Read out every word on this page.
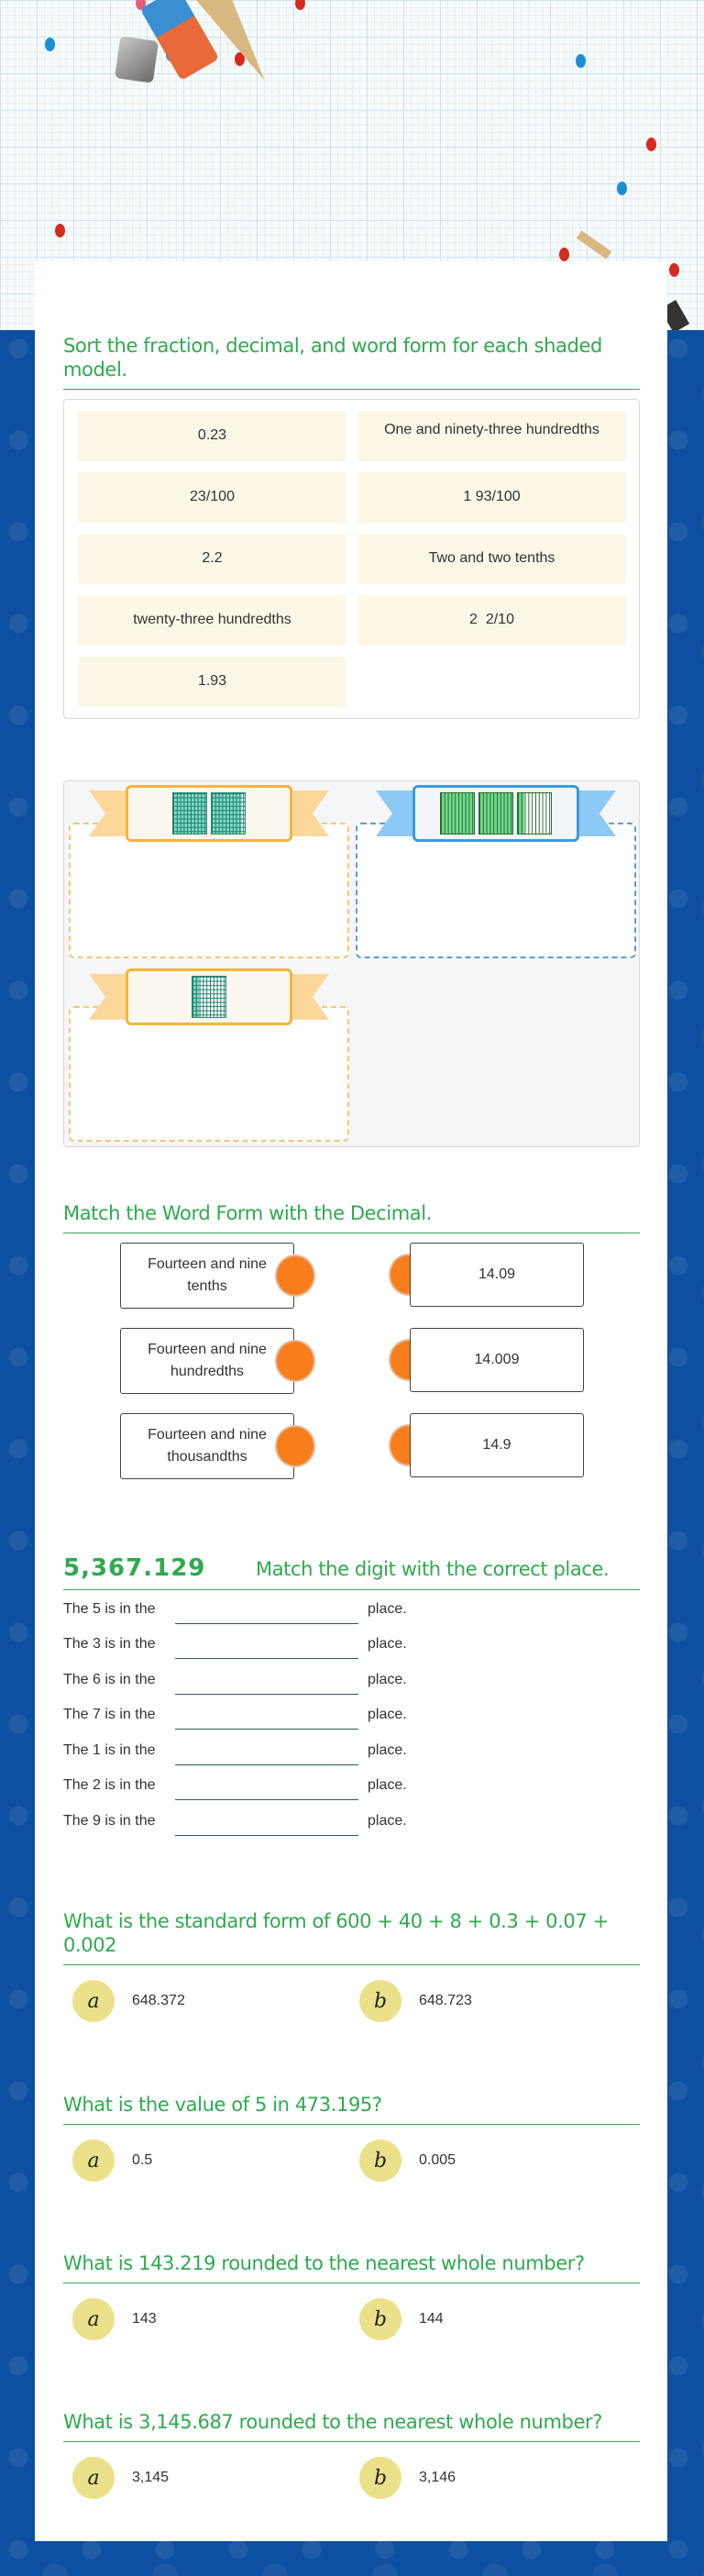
Sort the fraction, decimal, and word form for each shaded model.
0.23	One and ninety-three hundredths
23/100	1 93/100
2.2	Two and two tenths
twenty-three hundredths	2  2/10
1.93
Match the Word Form with the Decimal.
Fourteen and nine tenths
14.09
Fourteen and nine hundredths
14.009
Fourteen and nine thousandths
14.9
5,367.129	Match the digit with the correct place.
The 5 is in the	place.
The 3 is in the	place.
The 6 is in the	place.
The 7 is in the	place.
The 1 is in the	place.
The 2 is in the	place.
The 9 is in the	place.
What is the standard form of 600 + 40 + 8 + 0.3 + 0.07 + 0.002
a	648.372	b	648.723
What is the value of 5 in 473.195?
a	0.5	b	0.005
What is 143.219 rounded to the nearest whole number?
a	143	b	144
What is 3,145.687 rounded to the nearest whole number?
a	3,145	b	3,146
